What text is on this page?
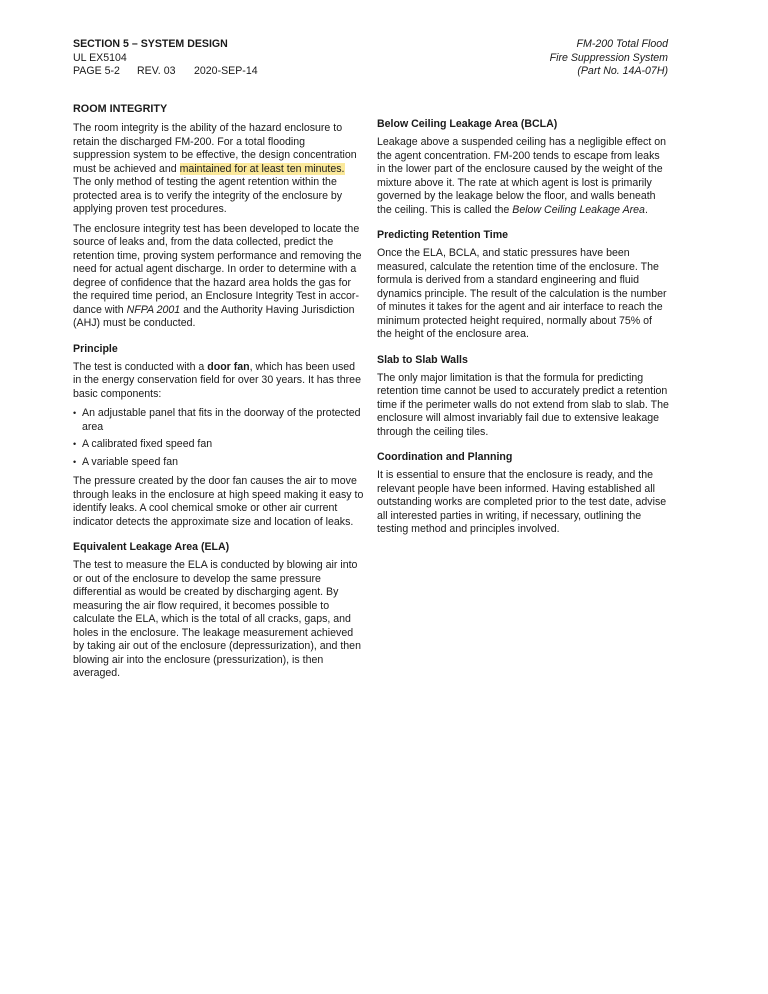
SECTION 5 – SYSTEM DESIGN
UL EX5104
PAGE 5-2 REV. 03 2020-SEP-14
FM-200 Total Flood
Fire Suppression System
(Part No. 14A-07H)
ROOM INTEGRITY

The room integrity is the ability of the hazard enclosure to retain the discharged FM-200. For a total flooding suppression system to be effective, the design concentration must be achieved and maintained for at least ten minutes. The only method of testing the agent retention within the protected area is to verify the integrity of the enclosure by applying proven test procedures.

The enclosure integrity test has been developed to locate the source of leaks and, from the data collected, predict the retention time, proving system performance and removing the need for actual agent discharge. In order to determine with a degree of confidence that the hazard area holds the gas for the required time period, an Enclosure Integrity Test in accor-dance with NFPA 2001 and the Authority Having Jurisdiction (AHJ) must be conducted.

Principle

The test is conducted with a door fan, which has been used in the energy conservation field for over 30 years. It has three basic components:

• An adjustable panel that fits in the doorway of the protected area
• A calibrated fixed speed fan
• A variable speed fan

The pressure created by the door fan causes the air to move through leaks in the enclosure at high speed making it easy to identify leaks. A cool chemical smoke or other air current indicator detects the approximate size and location of leaks.

Equivalent Leakage Area (ELA)

The test to measure the ELA is conducted by blowing air into or out of the enclosure to develop the same pressure differential as would be created by discharging agent. By measuring the air flow required, it becomes possible to calculate the ELA, which is the total of all cracks, gaps, and holes in the enclosure. The leakage measurement achieved by taking air out of the enclosure (depressurization), and then blowing air into the enclosure (pressurization), is then averaged.

Below Ceiling Leakage Area (BCLA)

Leakage above a suspended ceiling has a negligible effect on the agent concentration. FM-200 tends to escape from leaks in the lower part of the enclosure caused by the weight of the mixture above it. The rate at which agent is lost is primarily governed by the leakage below the floor, and walls beneath the ceiling. This is called the Below Ceiling Leakage Area.

Predicting Retention Time

Once the ELA, BCLA, and static pressures have been measured, calculate the retention time of the enclosure. The formula is derived from a standard engineering and fluid dynamics principle. The result of the calculation is the number of minutes it takes for the agent and air interface to reach the minimum protected height required, normally about 75% of the height of the enclosure area.

Slab to Slab Walls

The only major limitation is that the formula for predicting retention time cannot be used to accurately predict a retention time if the perimeter walls do not extend from slab to slab. The enclosure will almost invariably fail due to extensive leakage through the ceiling tiles.

Coordination and Planning

It is essential to ensure that the enclosure is ready, and the relevant people have been informed. Having established all outstanding works are completed prior to the test date, advise all interested parties in writing, if necessary, outlining the testing method and principles involved.
